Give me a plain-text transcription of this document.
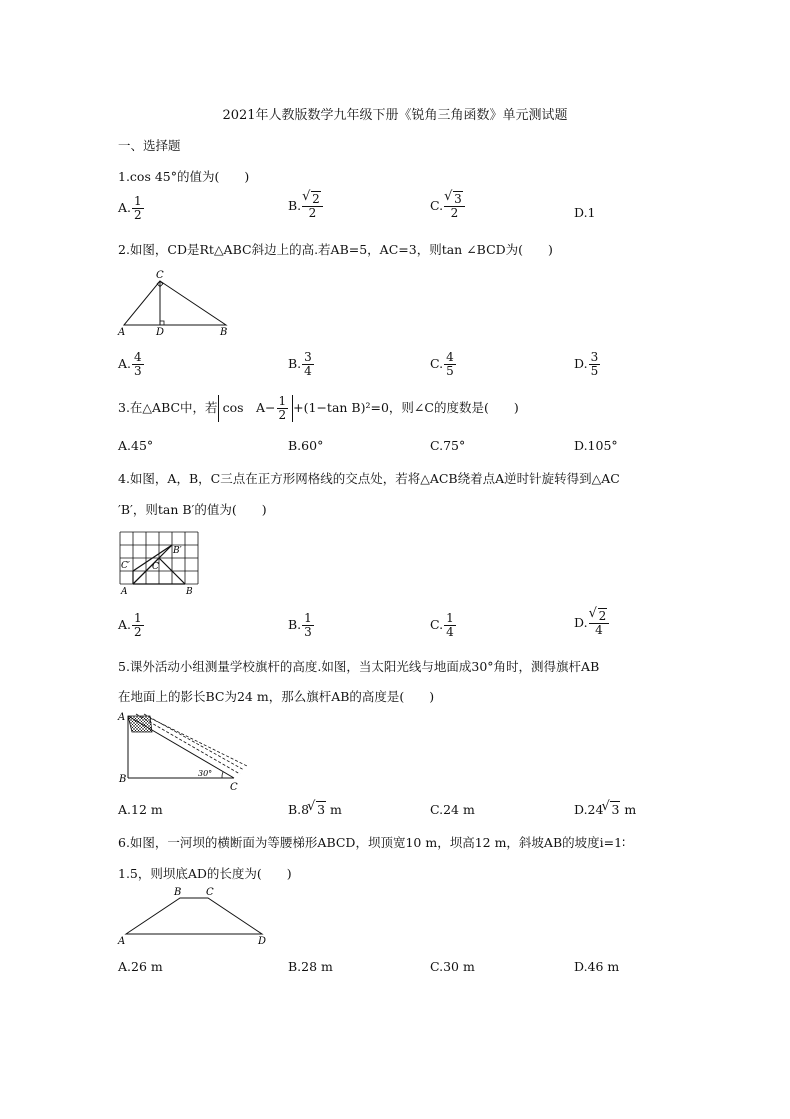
2021年人教版数学九年级下册《锐角三角函数》单元测试题
一、选择题
1.cos 45°的值为(　　)
A. $\frac{1}{2}$	B. √ $\frac{2}{2}$	C. √ $\frac{3}{2}$	D.1
2.如图，CD是Rt△ABC斜边上的高.若AB=5，AC=3，则tan ∠BCD为(　　)
A	D	B
C
A. $\frac{4}{3}$	B. $\frac{3}{4}$	C. $\frac{4}{5}$	D. $\frac{3}{5}$
3.在△ABC中，若 cos　$A- \frac{1}{2} +(1-\tan$ B)²=0，则∠C的度数是(　　)
A.45°	B.60°	C.75°	D.105°
4.如图，A，B，C三点在正方形网格线的交点处，若将△ACB绕着点A逆时针旋转得到△AC
′B′，则tan B′的值为(　　)
A	B
C
C′
B′
A. $\frac{1}{2}$	B. $\frac{1}{3}$	C. $\frac{1}{4}$	D. √ $\frac{2}{4}$
5.课外活动小组测量学校旗杆的高度.如图，当太阳光线与地面成30°角时，测得旗杆AB
在地面上的影长BC为24 m，那么旗杆AB的高度是(　　)
A
B
C
30°
A.12 m	B.8 √ 3 m	C.24 m	D.24 √ 3 m
6.如图，一河坝的横断面为等腰梯形ABCD，坝顶宽10 m，坝高12 m，斜坡AB的坡度i=1∶
1.5，则坝底AD的长度为(　　)
A
B C
D
A.26 m	B.28 m	C.30 m	D.46 m
